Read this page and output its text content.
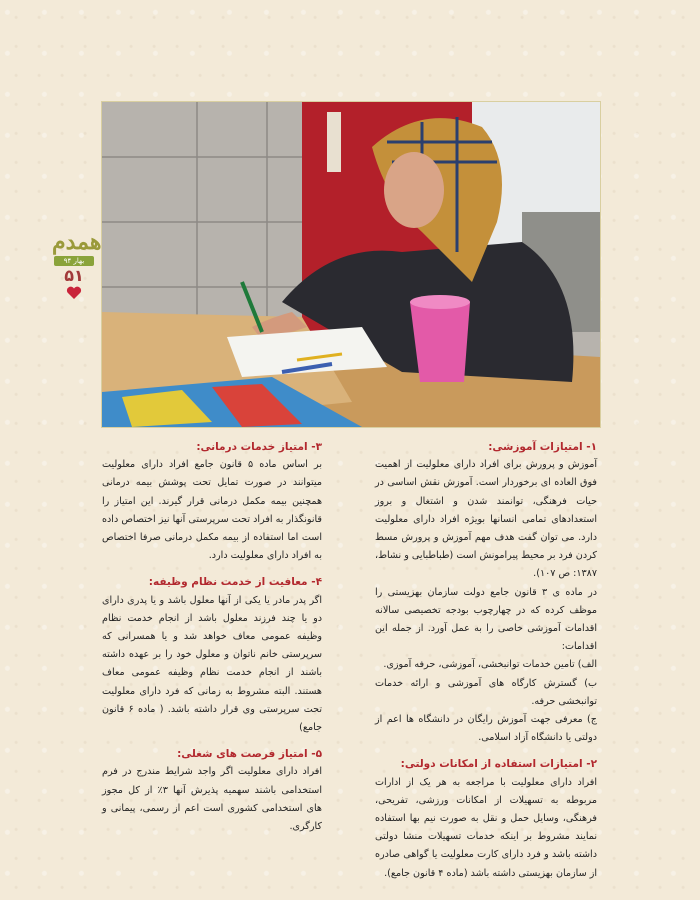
همدم
بهار ۹۴
۵۱
۱- امتیازات آموزشی:
آموزش و پرورش برای افراد دارای معلولیت از اهمیت فوق العاده ای برخوردار است. آموزش نقش اساسی در حیات فرهنگی، توانمند شدن و اشتغال و بروز استعدادهای تمامی انسانها بویژه افراد دارای معلولیت دارد. می توان گفت هدف مهم آموزش و پرورش مسط کردن فرد بر محیط پیرامونش است (طباطبایی و نشاط، ۱۳۸۷: ص ۱۰۷).
در ماده ی ۳ قانون جامع دولت سازمان بهزیستی را موظف کرده که در چهارچوب بودجه تخصیصی سالانه اقدامات آموزشی خاصی را به عمل آورد. از جمله این اقدامات:
الف) تامین خدمات توانبخشی، آموزشی، حرفه آموزی.
ب) گسترش کارگاه های آموزشی و ارائه خدمات توانبخشی حرفه.
ج) معرفی جهت آموزش رایگان در دانشگاه ها اعم از دولتی یا دانشگاه آزاد اسلامی.
۲- امتیازات استفاده از امکانات دولتی:
افراد دارای معلولیت با مراجعه به هر یک از ادارات مربوطه به تسهیلات از امکانات ورزشی، تفریحی، فرهنگی، وسایل حمل و نقل به صورت نیم بها استفاده نمایند مشروط بر اینکه خدمات تسهیلات منشا دولتی داشته باشد و فرد دارای کارت معلولیت یا گواهی صادره از سازمان بهزیستی داشته باشد (ماده ۴ قانون جامع).
۳- امتیاز خدمات درمانی:
بر اساس ماده ۵ قانون جامع افراد دارای معلولیت میتوانند در صورت تمایل تحت پوشش بیمه درمانی همچنین بیمه مکمل درمانی قرار گیرند. این امتیاز را قانونگذار به افراد تحت سرپرستی آنها نیز اختصاص داده است اما استفاده از بیمه مکمل درمانی صرفا اختصاص به افراد دارای معلولیت دارد.
۴- معافیت از خدمت نظام وظیفه:
اگر پدر مادر یا یکی از آنها معلول باشد و یا پدری دارای دو یا چند فرزند معلول باشد از انجام خدمت نظام وظیفه عمومی معاف خواهد شد و یا همسرانی که سرپرستی خانم ناتوان و معلول خود را بر عهده داشته باشند از انجام خدمت نظام وظیفه عمومی معاف هستند. البته مشروط به زمانی که فرد دارای معلولیت تحت سرپرستی وی قرار داشته باشد. ( ماده ۶ قانون جامع)
۵- امتیاز فرصت های شغلی:
افراد دارای معلولیت اگر واجد شرایط مندرج در فرم استخدامی باشند سهمیه پذیرش آنها ۳٪ از کل مجوز های استخدامی کشوری است اعم از رسمی، پیمانی و کارگری.
